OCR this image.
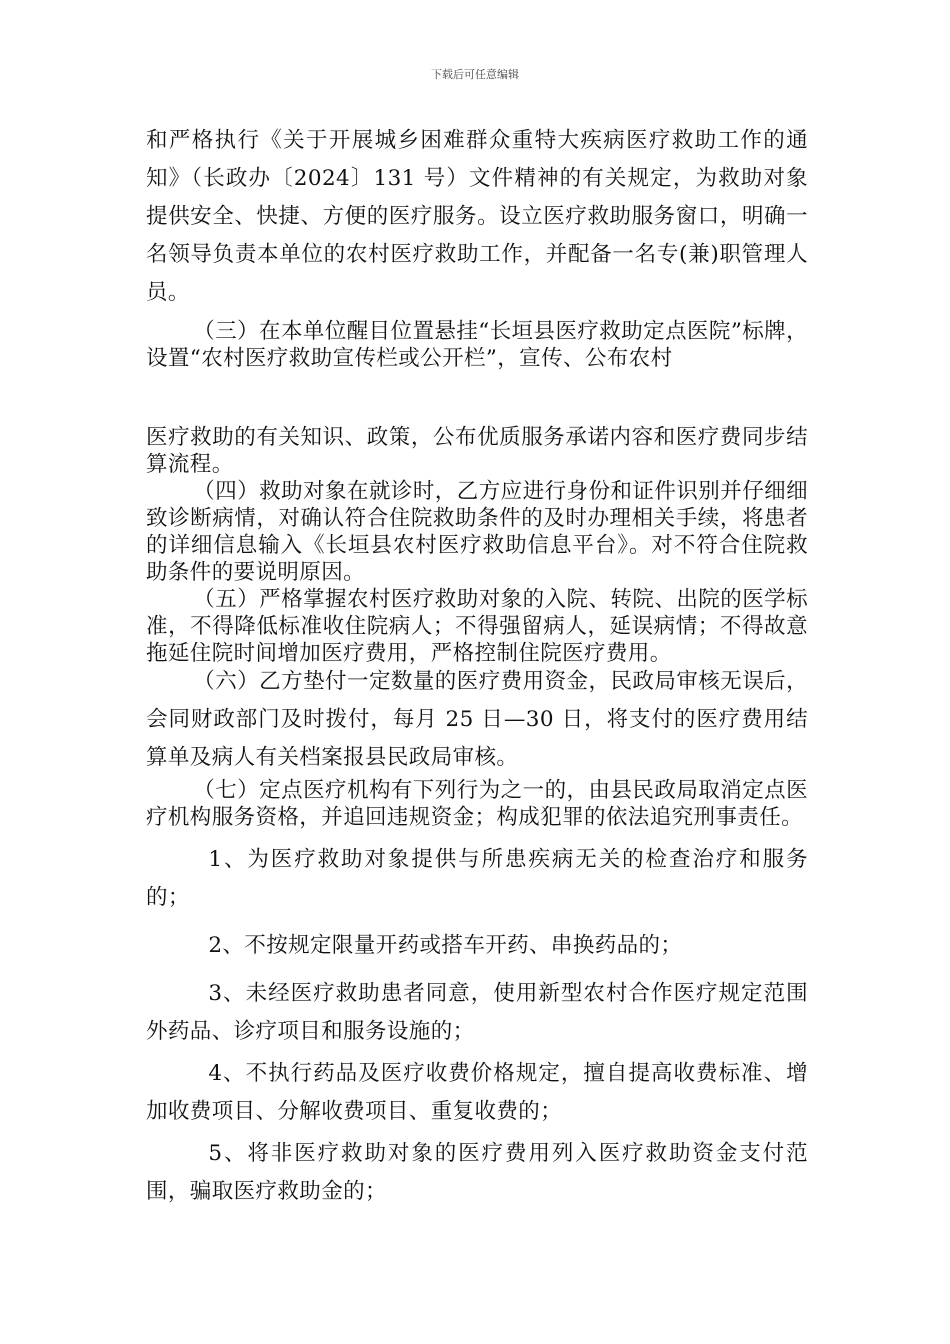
下载后可任意编辑

和严格执行《关于开展城乡困难群众重特大疾病医疗救助工作的通知》（长政办〔2024〕131 号）文件精神的有关规定，为救助对象提供安全、快捷、方便的医疗服务。设立医疗救助服务窗口，明确一名领导负责本单位的农村医疗救助工作，并配备一名专(兼)职管理人员。

（三）在本单位醒目位置悬挂“长垣县医疗救助定点医院”标牌，设置“农村医疗救助宣传栏或公开栏”，宣传、公布农村

医疗救助的有关知识、政策，公布优质服务承诺内容和医疗费同步结算流程。

（四）救助对象在就诊时，乙方应进行身份和证件识别并仔细细致诊断病情，对确认符合住院救助条件的及时办理相关手续，将患者的详细信息输入《长垣县农村医疗救助信息平台》。对不符合住院救助条件的要说明原因。

（五）严格掌握农村医疗救助对象的入院、转院、出院的医学标准，不得降低标准收住院病人；不得强留病人，延误病情；不得故意拖延住院时间增加医疗费用，严格控制住院医疗费用。

（六）乙方垫付一定数量的医疗费用资金，民政局审核无误后，会同财政部门及时拨付，每月 25 日—30 日，将支付的医疗费用结算单及病人有关档案报县民政局审核。

（七）定点医疗机构有下列行为之一的，由县民政局取消定点医疗机构服务资格，并追回违规资金；构成犯罪的依法追究刑事责任。

1、为医疗救助对象提供与所患疾病无关的检查治疗和服务的；

2、不按规定限量开药或搭车开药、串换药品的；

3、未经医疗救助患者同意，使用新型农村合作医疗规定范围外药品、诊疗项目和服务设施的；

4、不执行药品及医疗收费价格规定，擅自提高收费标准、增加收费项目、分解收费项目、重复收费的；

5、将非医疗救助对象的医疗费用列入医疗救助资金支付范围，骗取医疗救助金的；
